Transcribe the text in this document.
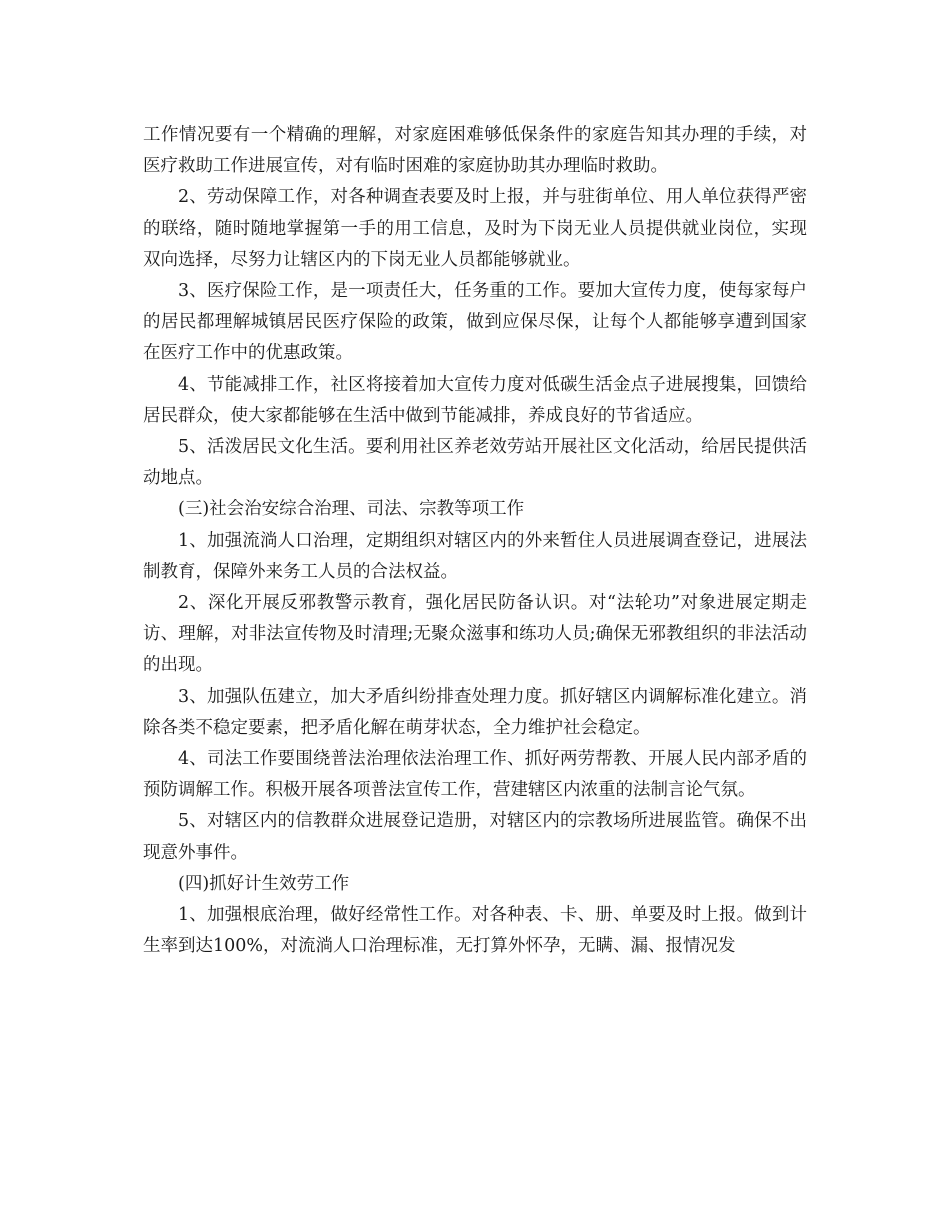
工作情况要有一个精确的理解，对家庭困难够低保条件的家庭告知其办理的手续，对医疗救助工作进展宣传，对有临时困难的家庭协助其办理临时救助。

2、劳动保障工作，对各种调查表要及时上报，并与驻街单位、用人单位获得严密的联络，随时随地掌握第一手的用工信息，及时为下岗无业人员提供就业岗位，实现双向选择，尽努力让辖区内的下岗无业人员都能够就业。

3、医疗保险工作，是一项责任大，任务重的工作。要加大宣传力度，使每家每户的居民都理解城镇居民医疗保险的政策，做到应保尽保，让每个人都能够享遭到国家在医疗工作中的优惠政策。

4、节能减排工作，社区将接着加大宣传力度对低碳生活金点子进展搜集，回馈给居民群众，使大家都能够在生活中做到节能减排，养成良好的节省适应。

5、活泼居民文化生活。要利用社区养老效劳站开展社区文化活动，给居民提供活动地点。

(三)社会治安综合治理、司法、宗教等项工作

1、加强流淌人口治理，定期组织对辖区内的外来暂住人员进展调查登记，进展法制教育，保障外来务工人员的合法权益。

2、深化开展反邪教警示教育，强化居民防备认识。对“法轮功”对象进展定期走访、理解，对非法宣传物及时清理;无聚众滋事和练功人员;确保无邪教组织的非法活动的出现。

3、加强队伍建立，加大矛盾纠纷排查处理力度。抓好辖区内调解标准化建立。消除各类不稳定要素，把矛盾化解在萌芽状态，全力维护社会稳定。

4、司法工作要围绕普法治理依法治理工作、抓好两劳帮教、开展人民内部矛盾的预防调解工作。积极开展各项普法宣传工作，营建辖区内浓重的法制言论气氛。

5、对辖区内的信教群众进展登记造册，对辖区内的宗教场所进展监管。确保不出现意外事件。

(四)抓好计生效劳工作

1、加强根底治理，做好经常性工作。对各种表、卡、册、单要及时上报。做到计生率到达100%，对流淌人口治理标准，无打算外怀孕，无瞒、漏、报情况发
